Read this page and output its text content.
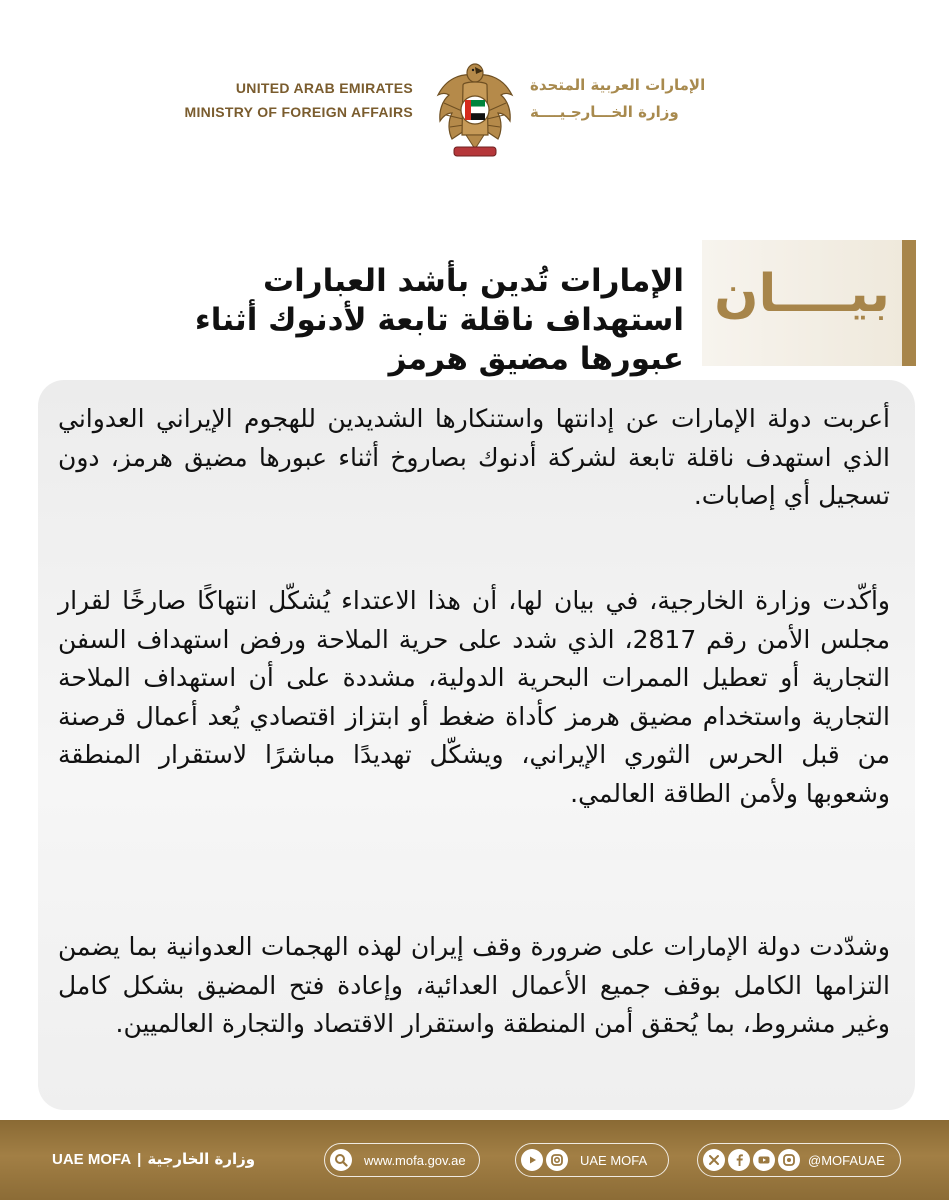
UNITED ARAB EMIRATES
MINISTRY OF FOREIGN AFFAIRS
الإمارات العربية المتحدة
وزارة الخـــارجـيــــة
بيــــان
الإمارات تُدين بأشد العبارات استهداف ناقلة تابعة لأدنوك أثناء عبورها مضيق هرمز
أعربت دولة الإمارات عن إدانتها واستنكارها الشديدين للهجوم الإيراني العدواني الذي استهدف ناقلة تابعة لشركة أدنوك بصاروخ أثناء عبورها مضيق هرمز، دون تسجيل أي إصابات.
وأكّدت وزارة الخارجية، في بيان لها، أن هذا الاعتداء يُشكّل انتهاكًا صارخًا لقرار مجلس الأمن رقم 2817، الذي شدد على حرية الملاحة ورفض استهداف السفن التجارية أو تعطيل الممرات البحرية الدولية، مشددة على أن استهداف الملاحة التجارية واستخدام مضيق هرمز كأداة ضغط أو ابتزاز اقتصادي يُعد أعمال قرصنة من قبل الحرس الثوري الإيراني، ويشكّل تهديدًا مباشرًا لاستقرار المنطقة وشعوبها ولأمن الطاقة العالمي.
وشدّدت دولة الإمارات على ضرورة وقف إيران لهذه الهجمات العدوانية بما يضمن التزامها الكامل بوقف جميع الأعمال العدائية، وإعادة فتح المضيق بشكل كامل وغير مشروط، بما يُحقق أمن المنطقة واستقرار الاقتصاد والتجارة العالميين.
UAE MOFA | وزارة الخارجية	www.mofa.gov.ae	UAE MOFA	@MOFAUAE
